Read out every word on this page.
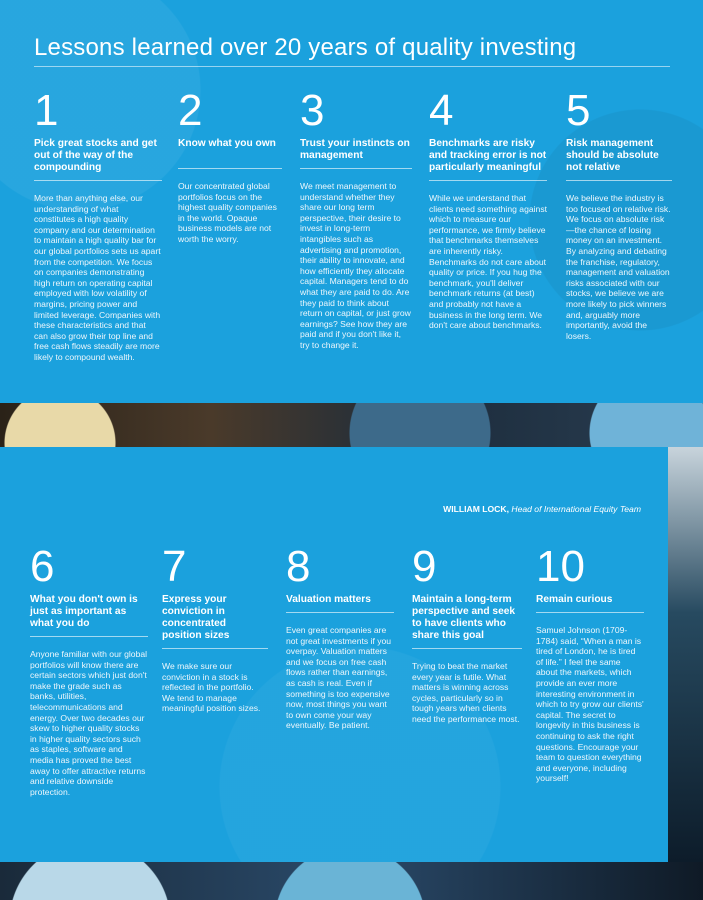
Lessons learned over 20 years of quality investing
1
Pick great stocks and get out of the way of the compounding
More than anything else, our understanding of what constitutes a high quality company and our determination to maintain a high quality bar for our global portfolios sets us apart from the competition. We focus on companies demonstrating high return on operating capital employed with low volatility of margins, pricing power and limited leverage. Companies with these characteristics and that can also grow their top line and free cash flows steadily are more likely to compound wealth.
2
Know what you own
Our concentrated global portfolios focus on the highest quality companies in the world. Opaque business models are not worth the worry.
3
Trust your instincts on management
We meet management to understand whether they share our long term perspective, their desire to invest in long-term intangibles such as advertising and promotion, their ability to innovate, and how efficiently they allocate capital. Managers tend to do what they are paid to do. Are they paid to think about return on capital, or just grow earnings? See how they are paid and if you don't like it, try to change it.
4
Benchmarks are risky and tracking error is not particularly meaningful
While we understand that clients need something against which to measure our performance, we firmly believe that benchmarks themselves are inherently risky. Benchmarks do not care about quality or price. If you hug the benchmark, you'll deliver benchmark returns (at best) and probably not have a business in the long term. We don't care about benchmarks.
5
Risk management should be absolute not relative
We believe the industry is too focused on relative risk. We focus on absolute risk—the chance of losing money on an investment. By analyzing and debating the franchise, regulatory, management and valuation risks associated with our stocks, we believe we are more likely to pick winners and, arguably more importantly, avoid the losers.
WILLIAM LOCK, Head of International Equity Team
6
What you don't own is just as important as what you do
Anyone familiar with our global portfolios will know there are certain sectors which just don't make the grade such as banks, utilities, telecommunications and energy. Over two decades our skew to higher quality stocks in higher quality sectors such as staples, software and media has proved the best away to offer attractive returns and relative downside protection.
7
Express your conviction in concentrated position sizes
We make sure our conviction in a stock is reflected in the portfolio. We tend to manage meaningful position sizes.
8
Valuation matters
Even great companies are not great investments if you overpay. Valuation matters and we focus on free cash flows rather than earnings, as cash is real. Even if something is too expensive now, most things you want to own come your way eventually. Be patient.
9
Maintain a long-term perspective and seek to have clients who share this goal
Trying to beat the market every year is futile. What matters is winning across cycles, particularly so in tough years when clients need the performance most.
10
Remain curious
Samuel Johnson (1709-1784) said, “When a man is tired of London, he is tired of life.” I feel the same about the markets, which provide an ever more interesting environment in which to try grow our clients' capital. The secret to longevity in this business is continuing to ask the right questions. Encourage your team to question everything and everyone, including yourself!
